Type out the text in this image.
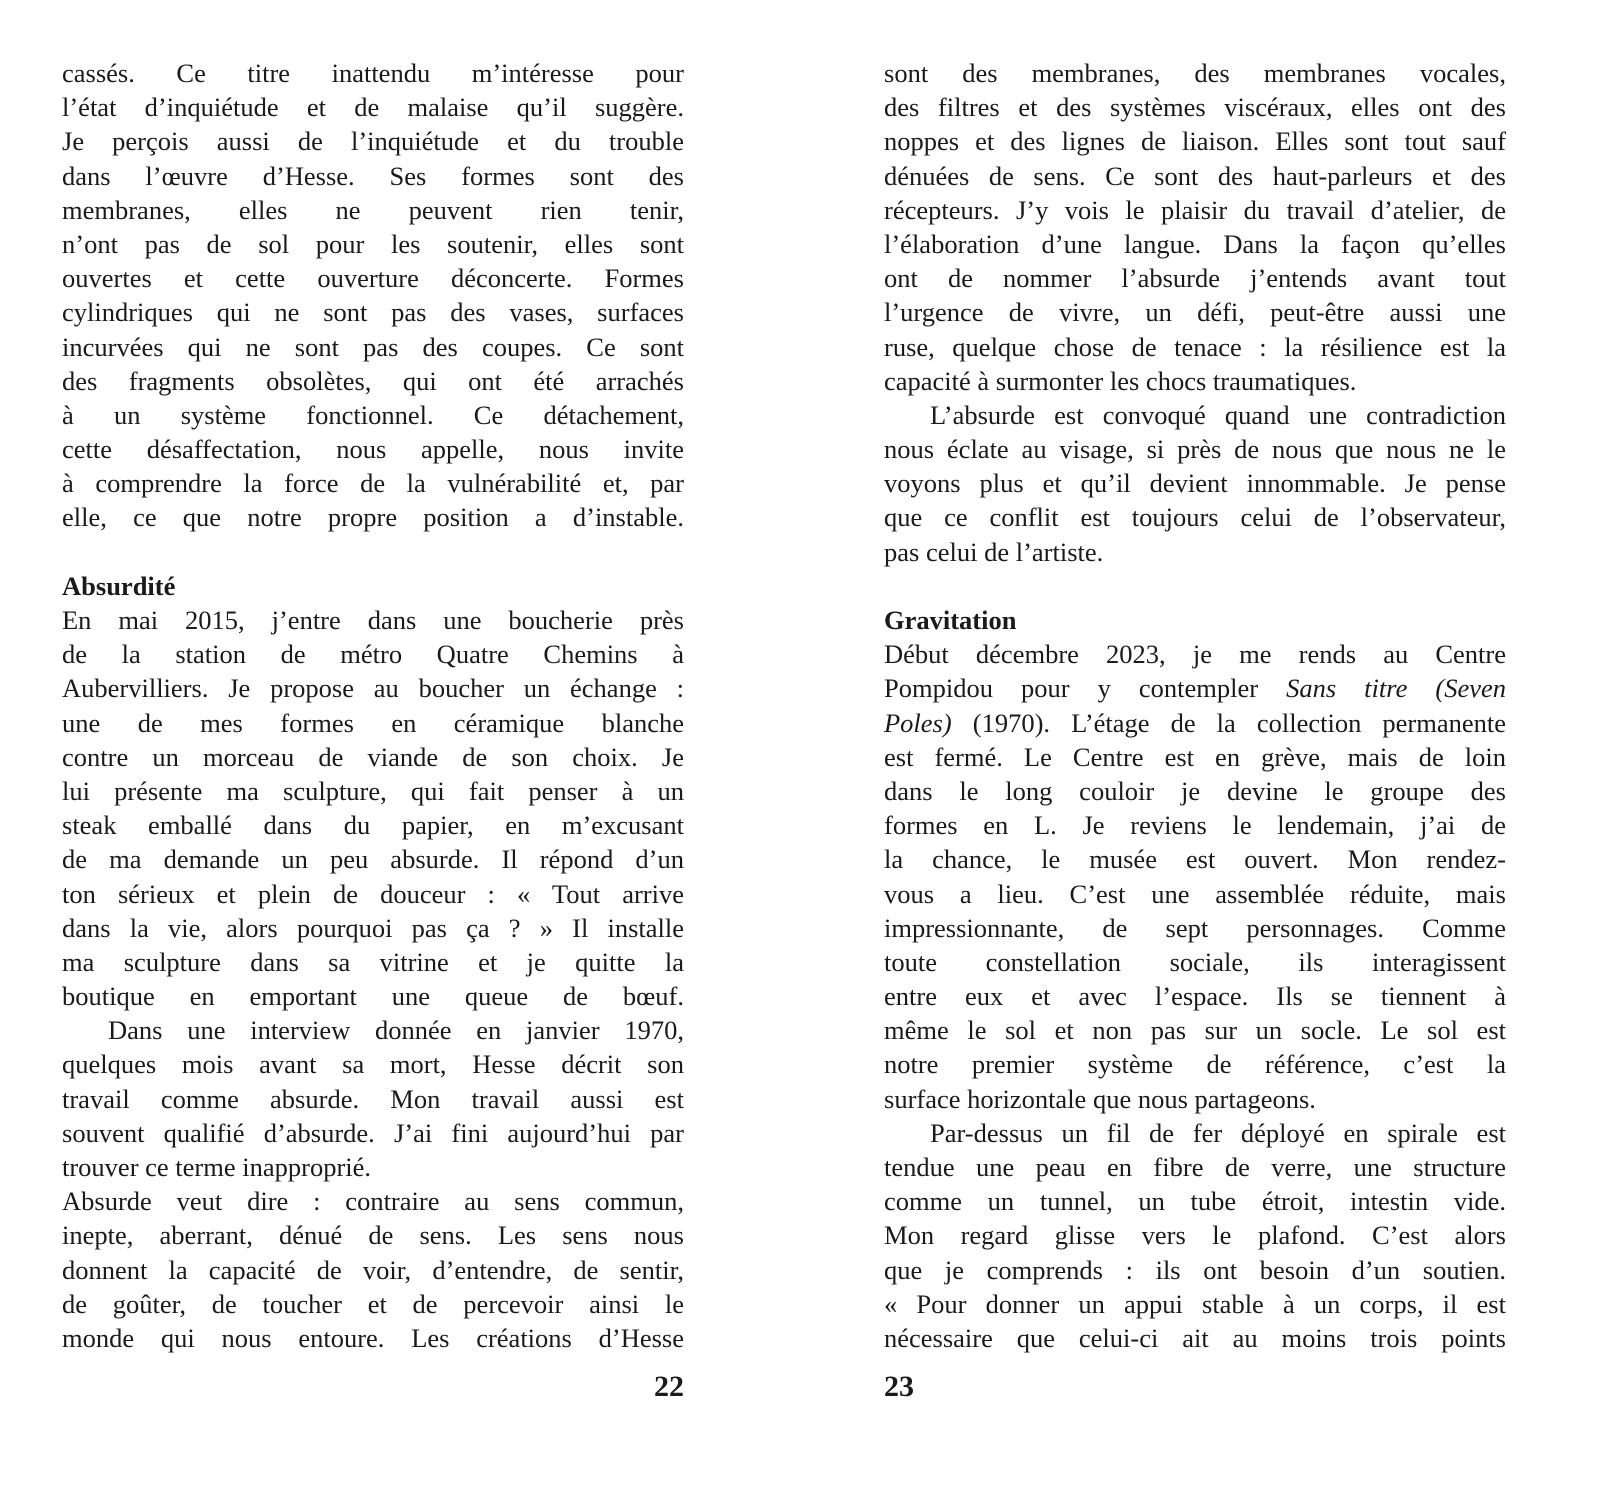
cassés. Ce titre inattendu m’intéresse pour
l’état d’inquiétude et de malaise qu’il suggère.
Je perçois aussi de l’inquiétude et du trouble
dans l’œuvre d’Hesse. Ses formes sont des
membranes, elles ne peuvent rien tenir,
n’ont pas de sol pour les soutenir, elles sont
ouvertes et cette ouverture déconcerte. Formes
cylindriques qui ne sont pas des vases, surfaces
incurvées qui ne sont pas des coupes. Ce sont
des fragments obsolètes, qui ont été arrachés
à un système fonctionnel. Ce détachement,
cette désaffectation, nous appelle, nous invite
à comprendre la force de la vulnérabilité et, par
elle, ce que notre propre position a d’instable.

Absurdité
En mai 2015, j’entre dans une boucherie près
de la station de métro Quatre Chemins à
Aubervilliers. Je propose au boucher un échange :
une de mes formes en céramique blanche
contre un morceau de viande de son choix. Je
lui présente ma sculpture, qui fait penser à un
steak emballé dans du papier, en m’excusant
de ma demande un peu absurde. Il répond d’un
ton sérieux et plein de douceur : « Tout arrive
dans la vie, alors pourquoi pas ça ? » Il installe
ma sculpture dans sa vitrine et je quitte la
boutique en emportant une queue de bœuf.
Dans une interview donnée en janvier 1970,
quelques mois avant sa mort, Hesse décrit son
travail comme absurde. Mon travail aussi est
souvent qualifié d’absurde. J’ai fini aujourd’hui par
trouver ce terme inapproprié.
Absurde veut dire : contraire au sens commun,
inepte, aberrant, dénué de sens. Les sens nous
donnent la capacité de voir, d’entendre, de sentir,
de goûter, de toucher et de percevoir ainsi le
monde qui nous entoure. Les créations d’Hesse
sont des membranes, des membranes vocales,
des filtres et des systèmes viscéraux, elles ont des
noppes et des lignes de liaison. Elles sont tout sauf
dénuées de sens. Ce sont des haut-parleurs et des
récepteurs. J’y vois le plaisir du travail d’atelier, de
l’élaboration d’une langue. Dans la façon qu’elles
ont de nommer l’absurde j’entends avant tout
l’urgence de vivre, un défi, peut-être aussi une
ruse, quelque chose de tenace : la résilience est la
capacité à surmonter les chocs traumatiques.
L’absurde est convoqué quand une contradiction
nous éclate au visage, si près de nous que nous ne le
voyons plus et qu’il devient innommable. Je pense
que ce conflit est toujours celui de l’observateur,
pas celui de l’artiste.

Gravitation
Début décembre 2023, je me rends au Centre
Pompidou pour y contempler Sans titre (Seven
Poles) (1970). L’étage de la collection permanente
est fermé. Le Centre est en grève, mais de loin
dans le long couloir je devine le groupe des
formes en L. Je reviens le lendemain, j’ai de
la chance, le musée est ouvert. Mon rendez-
vous a lieu. C’est une assemblée réduite, mais
impressionnante, de sept personnages. Comme
toute constellation sociale, ils interagissent
entre eux et avec l’espace. Ils se tiennent à
même le sol et non pas sur un socle. Le sol est
notre premier système de référence, c’est la
surface horizontale que nous partageons.
Par-dessus un fil de fer déployé en spirale est
tendue une peau en fibre de verre, une structure
comme un tunnel, un tube étroit, intestin vide.
Mon regard glisse vers le plafond. C’est alors
que je comprends : ils ont besoin d’un soutien.
« Pour donner un appui stable à un corps, il est
nécessaire que celui-ci ait au moins trois points
22	23
